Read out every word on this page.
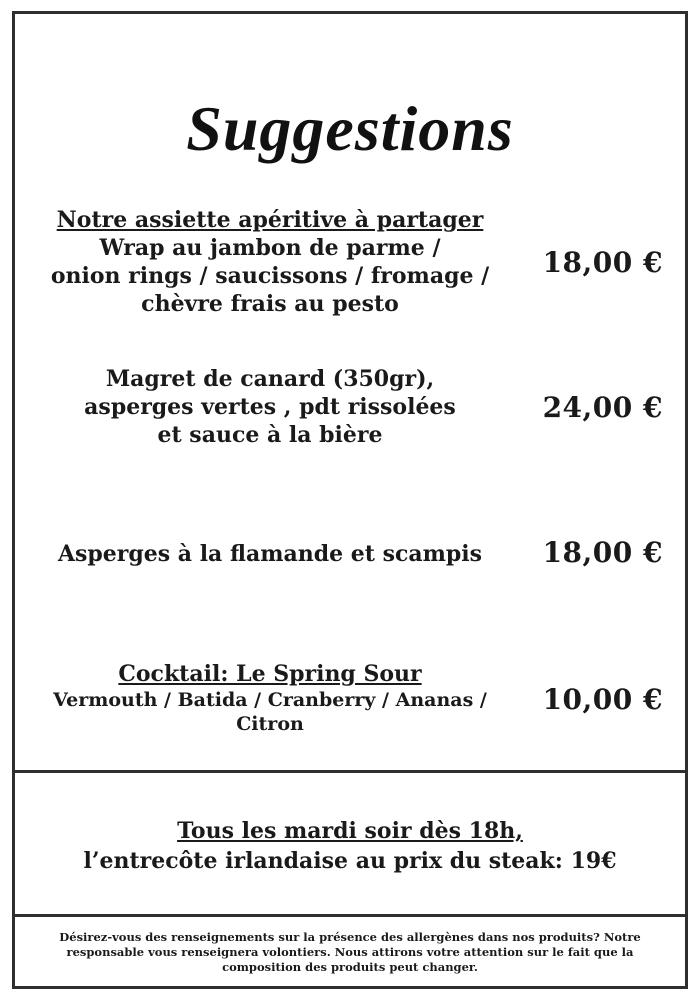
Suggestions
Notre assiette apéritive à partager
Wrap au jambon de parme /
onion rings / saucissons / fromage /
chèvre frais au pesto
18,00 €
Magret de canard (350gr),
asperges vertes , pdt rissolées
et sauce à la bière
24,00 €
Asperges à la flamande et scampis	18,00 €
Cocktail: Le Spring Sour
Vermouth / Batida / Cranberry / Ananas /
Citron
10,00 €
Tous les mardi soir dès 18h,
l’entrecôte irlandaise au prix du steak: 19€
Désirez-vous des renseignements sur la présence des allergènes dans nos produits? Notre responsable vous renseignera volontiers. Nous attirons votre attention sur le fait que la composition des produits peut changer.
